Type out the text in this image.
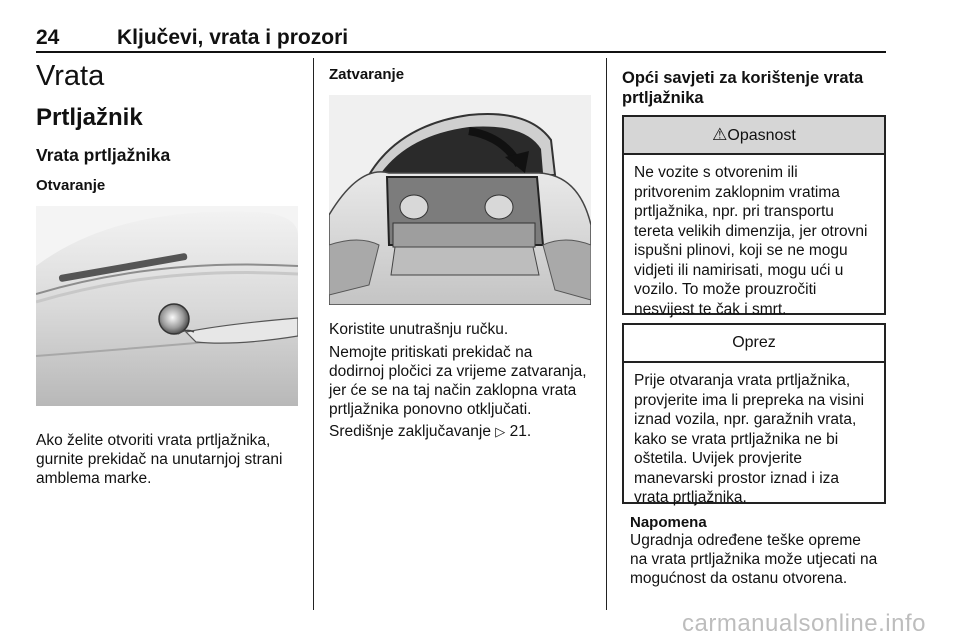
24	Ključevi, vrata i prozori
Vrata
Prtljažnik
Vrata prtljažnika
Otvaranje
Ako želite otvoriti vrata prtljažnika,
gurnite prekidač na unutarnjoj strani
amblema marke.
Zatvaranje
Koristite unutrašnju ručku.
Nemojte pritiskati prekidač na
dodirnoj pločici za vrijeme zatvaranja,
jer će se na taj način zaklopna vrata
prtljažnika ponovno otključati.
Središnje zaključavanje ▷ 21.
Opći savjeti za korištenje vrata
prtljažnika
⚠Opasnost
Ne vozite s otvorenim ili
pritvorenim zaklopnim vratima
prtljažnika, npr. pri transportu
tereta velikih dimenzija, jer otrovni
ispušni plinovi, koji se ne mogu
vidjeti ili namirisati, mogu ući u
vozilo. To može prouzročiti
nesvijest te čak i smrt.
Oprez
Prije otvaranja vrata prtljažnika,
provjerite ima li prepreka na visini
iznad vozila, npr. garažnih vrata,
kako se vrata prtljažnika ne bi
oštetila. Uvijek provjerite
manevarski prostor iznad i iza
vrata prtljažnika.
Napomena
Ugradnja određene teške opreme
na vrata prtljažnika može utjecati na
mogućnost da ostanu otvorena.
carmanualsonline.info
